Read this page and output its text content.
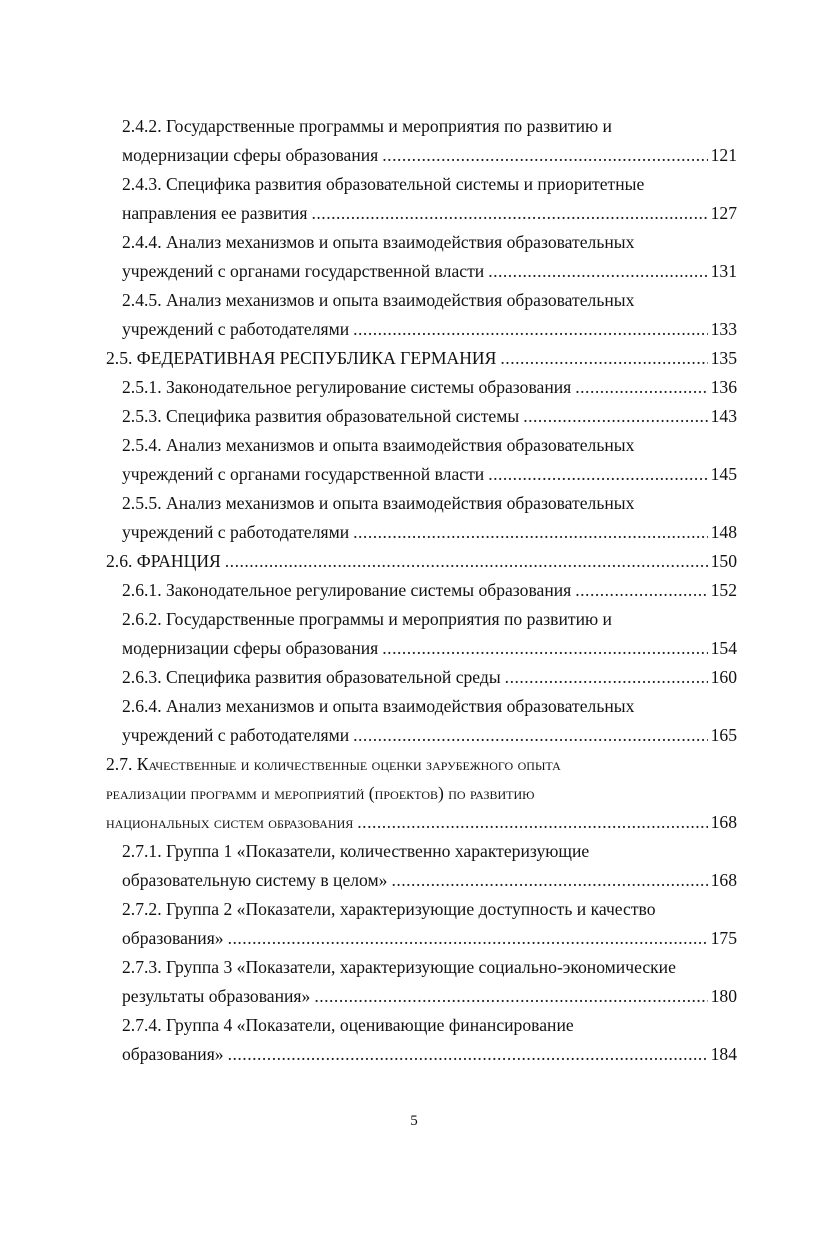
2.4.2. Государственные программы и мероприятия по развитию и
модернизации сферы образования .....	121
2.4.3. Специфика развития образовательной системы и приоритетные
направления ее развития .....	127
2.4.4. Анализ механизмов и опыта взаимодействия образовательных
учреждений с органами государственной власти .....	131
2.4.5. Анализ механизмов и опыта взаимодействия образовательных
учреждений с работодателями .....	133
2.5. ФЕДЕРАТИВНАЯ РЕСПУБЛИКА ГЕРМАНИЯ .....	135
2.5.1. Законодательное регулирование системы образования .....	136
2.5.3. Специфика развития образовательной системы .....	143
2.5.4. Анализ механизмов и опыта взаимодействия образовательных
учреждений с органами государственной власти .....	145
2.5.5. Анализ механизмов и опыта взаимодействия образовательных
учреждений с работодателями .....	148
2.6. ФРАНЦИЯ .....	150
2.6.1. Законодательное регулирование системы образования .....	152
2.6.2. Государственные программы и мероприятия по развитию и
модернизации сферы образования .....	154
2.6.3. Специфика развития образовательной среды .....	160
2.6.4. Анализ механизмов и опыта взаимодействия образовательных
учреждений с работодателями .....	165
2.7. Качественные и количественные оценки зарубежного опыта
реализации программ и мероприятий (проектов) по развитию
национальных систем образования .....	168
2.7.1. Группа 1 «Показатели, количественно характеризующие
образовательную систему в целом» .....	168
2.7.2. Группа 2 «Показатели, характеризующие доступность и качество
образования» .....	175
2.7.3. Группа 3 «Показатели, характеризующие социально-экономические
результаты образования» .....	180
2.7.4. Группа 4 «Показатели, оценивающие финансирование
образования» .....	184
5
